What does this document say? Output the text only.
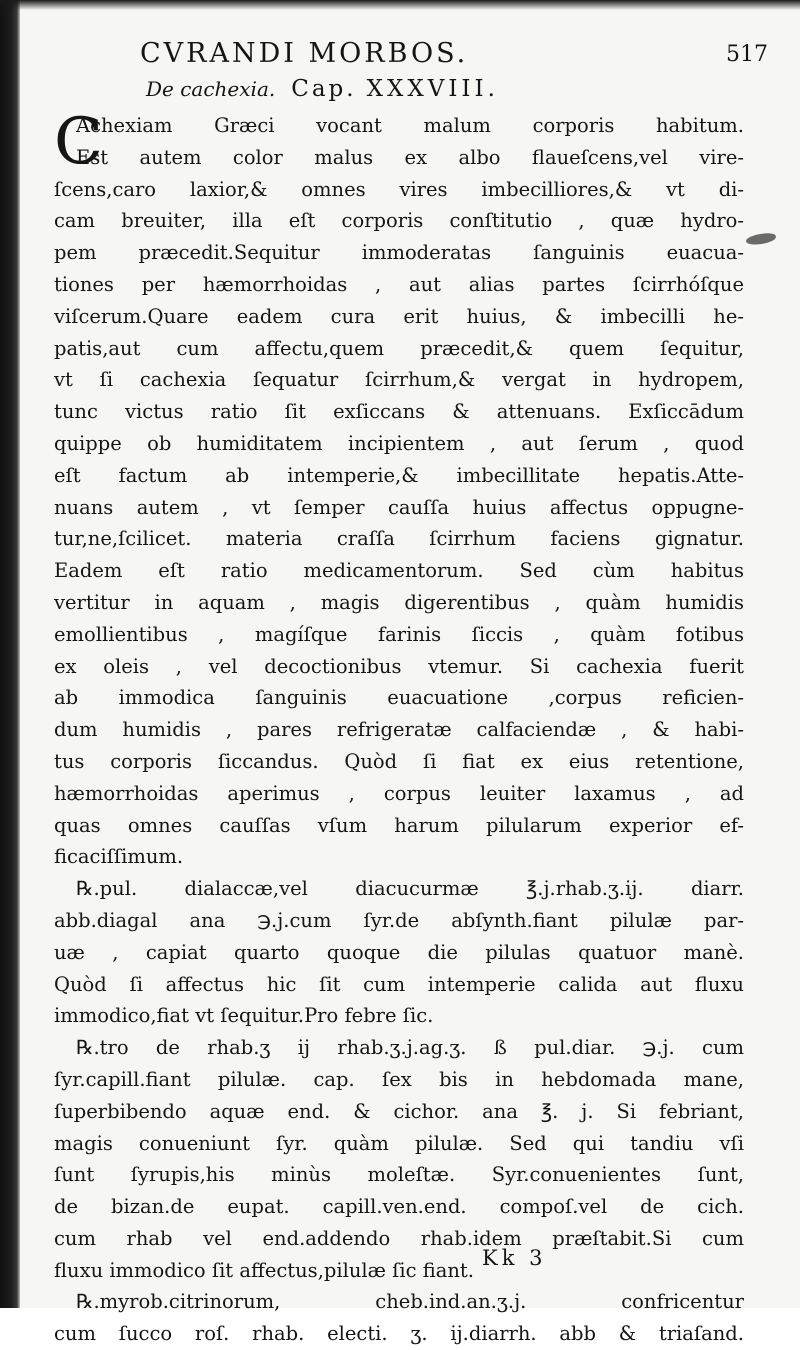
CVRANDI MORBOS.	517
De cachexia. Cap. XXXVIII.
Achexiam Græci vocant malum corporis habitum.
Est autem color malus ex albo flaueſcens,vel vire-
ſcens,caro laxior,& omnes vires imbecilliores,& vt di-
cam breuiter, illa eſt corporis conſtitutio , quæ hydro-
pem præcedit.Sequitur immoderatas ſanguinis euacua-
tiones per hæmorrhoidas , aut alias partes ſcirrhóſque
viſcerum.Quare eadem cura erit huius, & imbecilli he-
patis,aut cum affectu,quem præcedit,& quem ſequitur,
vt ſi cachexia ſequatur ſcirrhum,& vergat in hydropem,
tunc victus ratio ſit exſiccans & attenuans. Exſiccādum
quippe ob humiditatem incipientem , aut ſerum , quod
eſt factum ab intemperie,& imbecillitate hepatis.Atte-
nuans autem , vt ſemper cauſſa huius affectus oppugne-
tur,ne,ſcilicet. materia craſſa ſcirrhum faciens gignatur.
Eadem eſt ratio medicamentorum. Sed cùm habitus
vertitur in aquam , magis digerentibus , quàm humidis
emollientibus , magíſque farinis ſiccis , quàm fotibus
ex oleis , vel decoctionibus vtemur. Si cachexia fuerit
ab immodica ſanguinis euacuatione ,corpus reficien-
dum humidis , pares refrigeratæ calfaciendæ , & habi-
tus corporis ſiccandus. Quòd ſi fiat ex eius retentione,
hæmorrhoidas aperimus , corpus leuiter laxamus , ad
quas omnes cauſſas vſum harum pilularum experior ef-
ficaciſſimum.
℞.pul. dialaccæ,vel diacucurmæ ℥.j.rhab.ʒ.ij. diarr.
abb.diagal ana ℈.j.cum ſyr.de abſynth.fiant pilulæ par-
uæ , capiat quarto quoque die pilulas quatuor manè.
Quòd ſi affectus hic ſit cum intemperie calida aut fluxu
immodico,fiat vt ſequitur.Pro febre ſic.
℞.tro de rhab.ʒ ij rhab.ʒ.j.ag.ʒ. ß pul.diar. ℈.j. cum
ſyr.capill.fiant pilulæ. cap. ſex bis in hebdomada mane,
ſuperbibendo aquæ end. & cichor. ana ℥. j. Si febriant,
magis conueniunt ſyr. quàm pilulæ. Sed qui tandiu vſi
ſunt ſyrupis,his minùs moleſtæ. Syr.conuenientes ſunt,
de bizan.de eupat. capill.ven.end. compoſ.vel de cich.
cum rhab vel end.addendo rhab.idem præſtabit.Si cum
fluxu immodico ſit affectus,pilulæ ſic fiant.
℞.myrob.citrinorum, cheb.ind.an.ʒ.j. confricentur
cum ſucco roſ. rhab. electi. ʒ. ij.diarrh. abb & triaſand.
C
Kk 3
